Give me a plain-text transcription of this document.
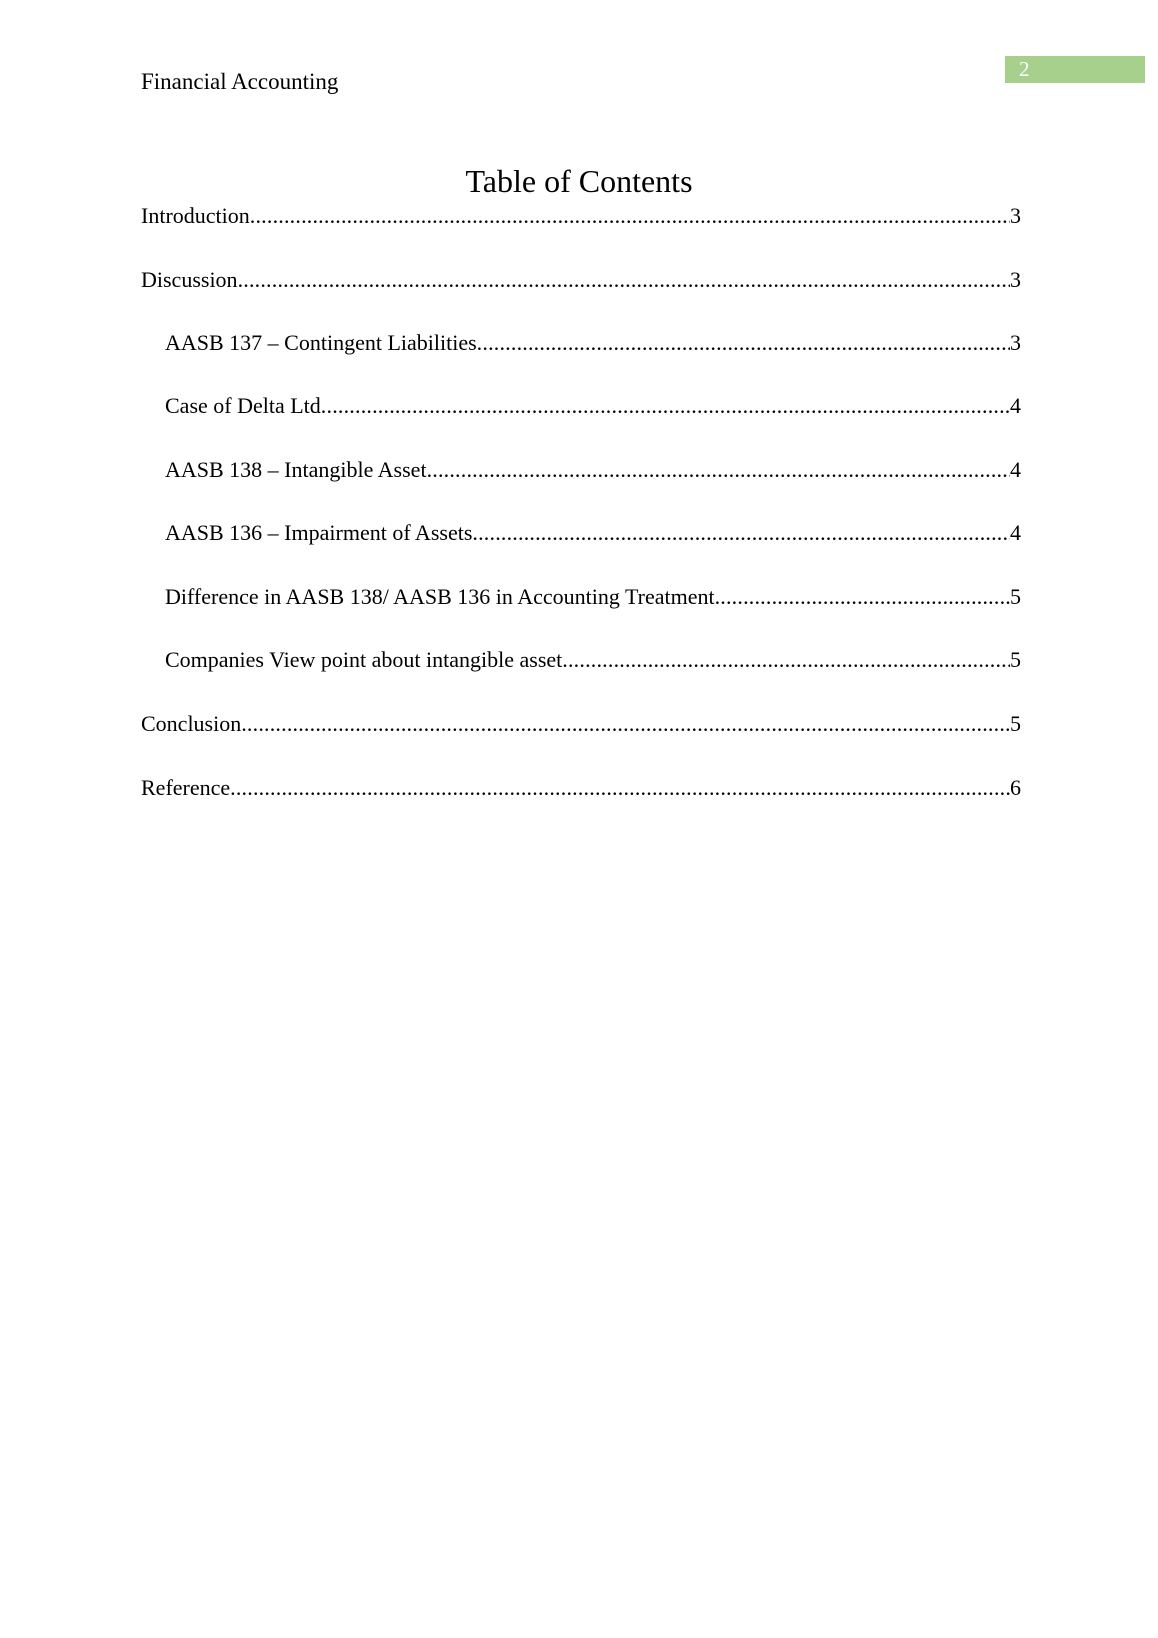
Financial Accounting	2
Table of Contents
Introduction .....	3
Discussion .....	3
AASB 137 – Contingent Liabilities .....	3
Case of Delta Ltd .....	4
AASB 138 – Intangible Asset .....	4
AASB 136 – Impairment of Assets .....	4
Difference in AASB 138/ AASB 136 in Accounting Treatment .....	5
Companies View point about intangible asset .....	5
Conclusion .....	5
Reference .....	6
